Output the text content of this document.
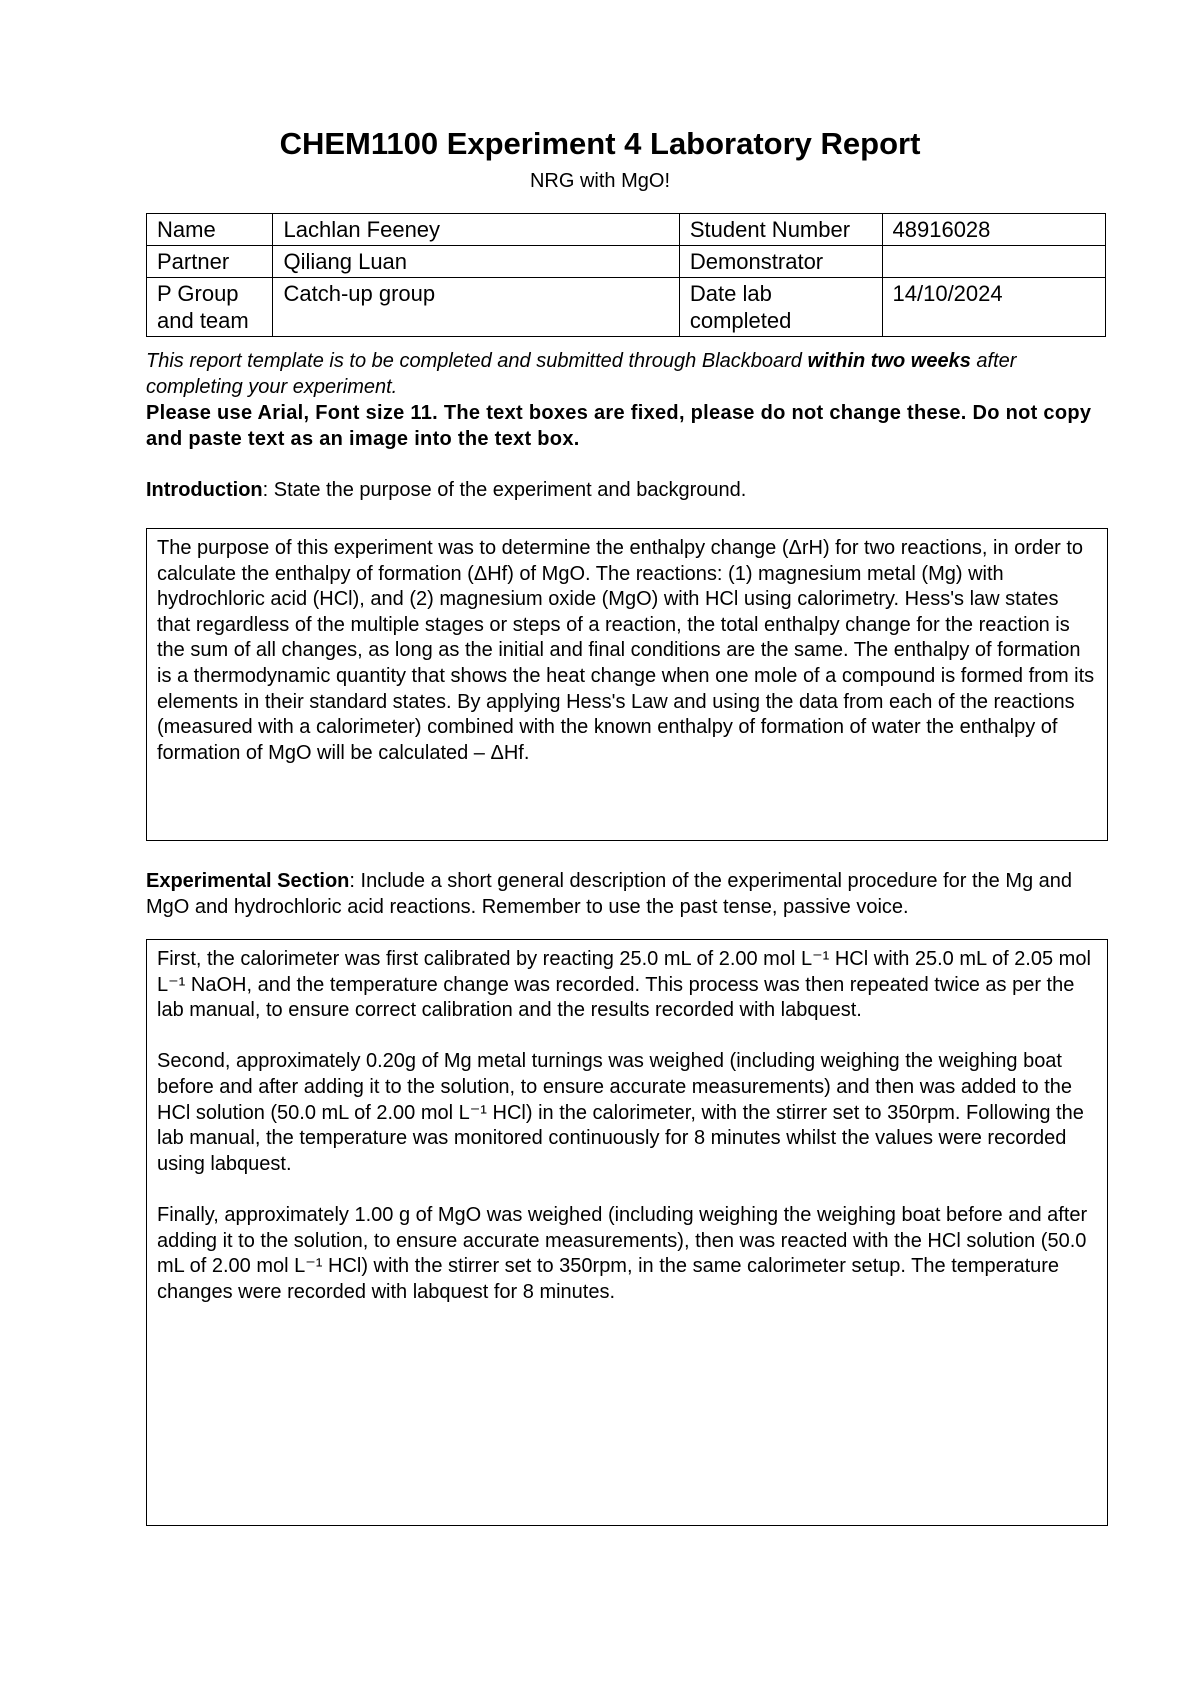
CHEM1100 Experiment 4 Laboratory Report
NRG with MgO!
Name	Lachlan Feeney	Student Number	48916028
Partner	Qiliang Luan	Demonstrator	
P Group and team	Catch-up group	Date lab completed	14/10/2024
This report template is to be completed and submitted through Blackboard within two weeks after completing your experiment.
Please use Arial, Font size 11. The text boxes are fixed, please do not change these. Do not copy and paste text as an image into the text box.
Introduction: State the purpose of the experiment and background.

The purpose of this experiment was to determine the enthalpy change (ΔrH) for two reactions, in order to calculate the enthalpy of formation (ΔHf) of MgO. The reactions: (1) magnesium metal (Mg) with hydrochloric acid (HCl), and (2) magnesium oxide (MgO) with HCl using calorimetry. Hess's law states that regardless of the multiple stages or steps of a reaction, the total enthalpy change for the reaction is the sum of all changes, as long as the initial and final conditions are the same. The enthalpy of formation is a thermodynamic quantity that shows the heat change when one mole of a compound is formed from its elements in their standard states. By applying Hess's Law and using the data from each of the reactions (measured with a calorimeter) combined with the known enthalpy of formation of water the enthalpy of formation of MgO will be calculated – ΔHf.

Experimental Section: Include a short general description of the experimental procedure for the Mg and MgO and hydrochloric acid reactions. Remember to use the past tense, passive voice.

First, the calorimeter was first calibrated by reacting 25.0 mL of 2.00 mol L⁻¹ HCl with 25.0 mL of 2.05 mol L⁻¹ NaOH, and the temperature change was recorded. This process was then repeated twice as per the lab manual, to ensure correct calibration and the results recorded with labquest.

Second, approximately 0.20g of Mg metal turnings was weighed (including weighing the weighing boat before and after adding it to the solution, to ensure accurate measurements) and then was added to the HCl solution (50.0 mL of 2.00 mol L⁻¹ HCl) in the calorimeter, with the stirrer set to 350rpm. Following the lab manual, the temperature was monitored continuously for 8 minutes whilst the values were recorded using labquest.

Finally, approximately 1.00 g of MgO was weighed (including weighing the weighing boat before and after adding it to the solution, to ensure accurate measurements), then was reacted with the HCl solution (50.0 mL of 2.00 mol L⁻¹ HCl) with the stirrer set to 350rpm, in the same calorimeter setup. The temperature changes were recorded with labquest for 8 minutes.
